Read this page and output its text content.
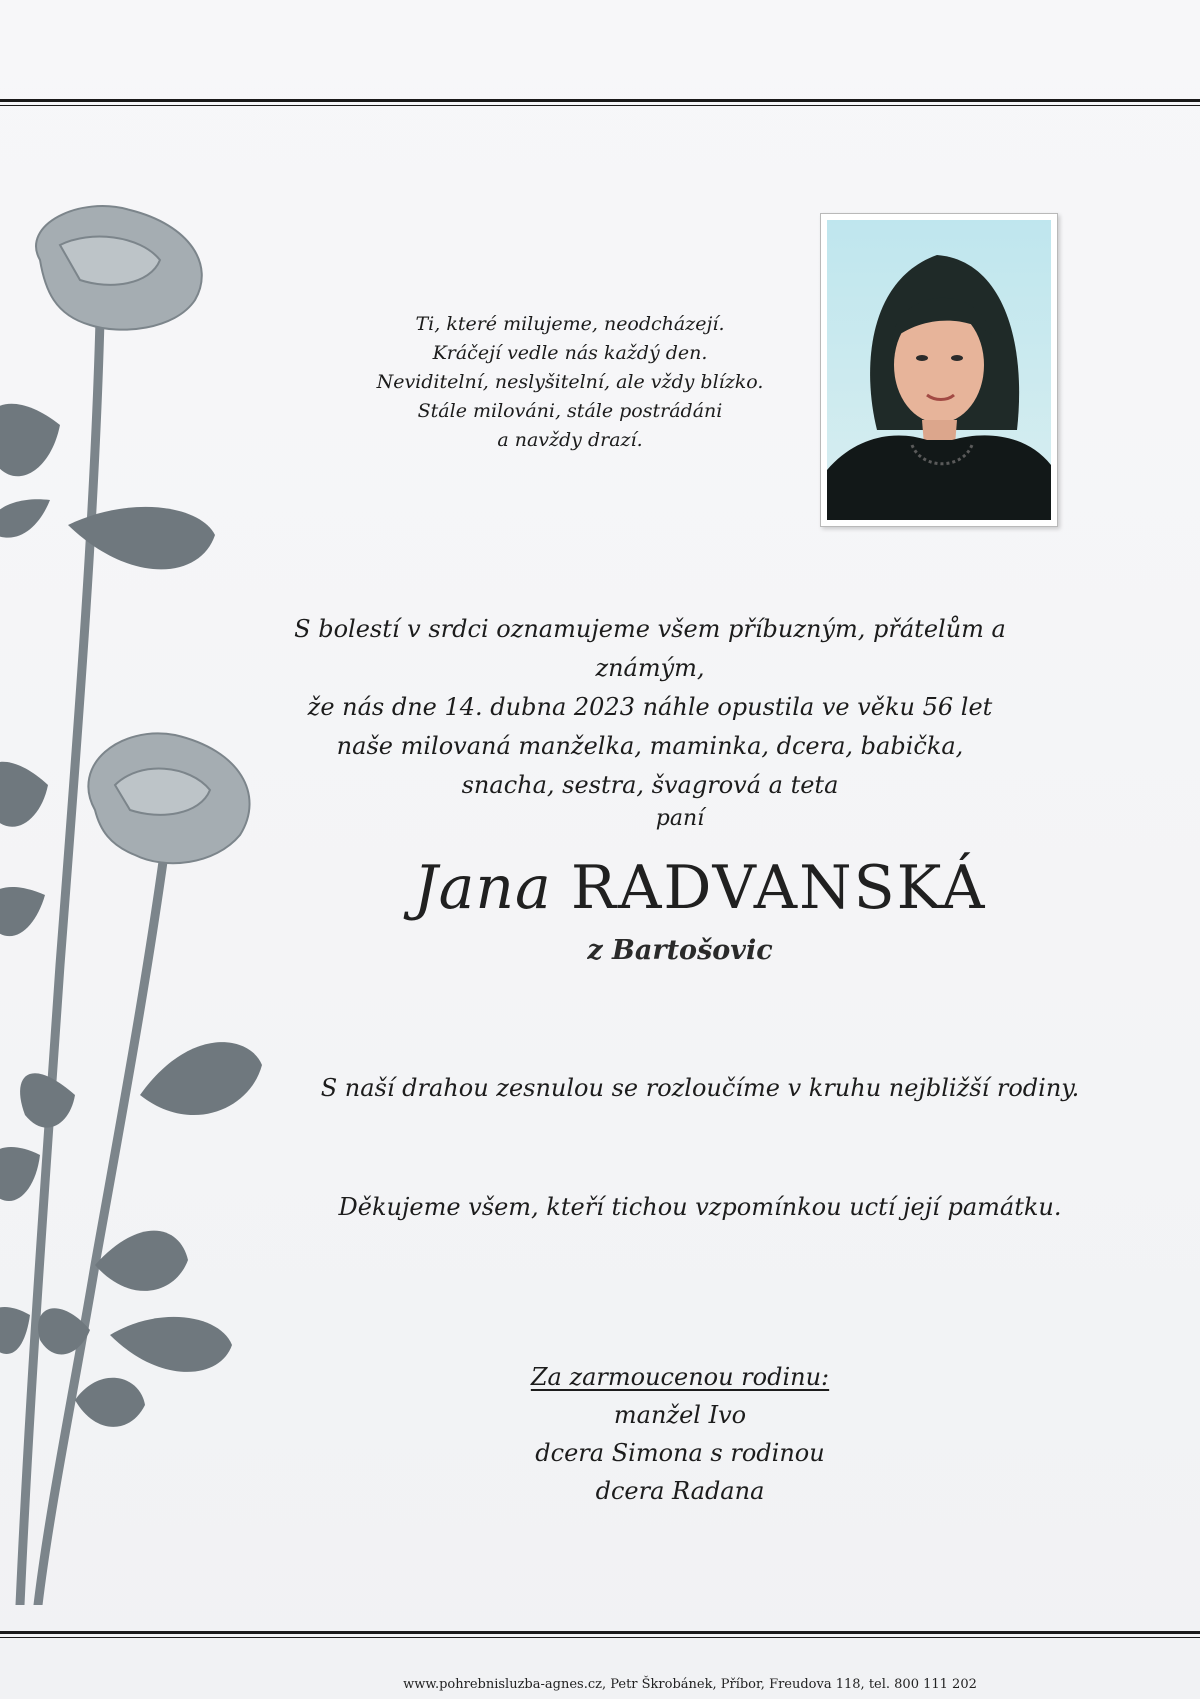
Ti, které milujeme, neodcházejí.
Kráčejí vedle nás každý den.
Neviditelní, neslyšitelní, ale vždy blízko.
Stále milováni, stále postrádáni
a navždy drazí.
S bolestí v srdci oznamujeme všem příbuzným, přátelům a známým,
že nás dne 14. dubna 2023 náhle opustila ve věku 56 let
naše milovaná manželka, maminka, dcera, babička,
snacha, sestra, švagrová a teta
paní
Jana RADVANSKÁ
z Bartošovic
S naší drahou zesnulou se rozloučíme v kruhu nejbližší rodiny.
Děkujeme všem, kteří tichou vzpomínkou uctí její památku.
Za zarmoucenou rodinu:
manžel Ivo
dcera Simona s rodinou
dcera Radana
www.pohrebnisluzba-agnes.cz, Petr Škrobánek, Příbor, Freudova 118, tel. 800 111 202
